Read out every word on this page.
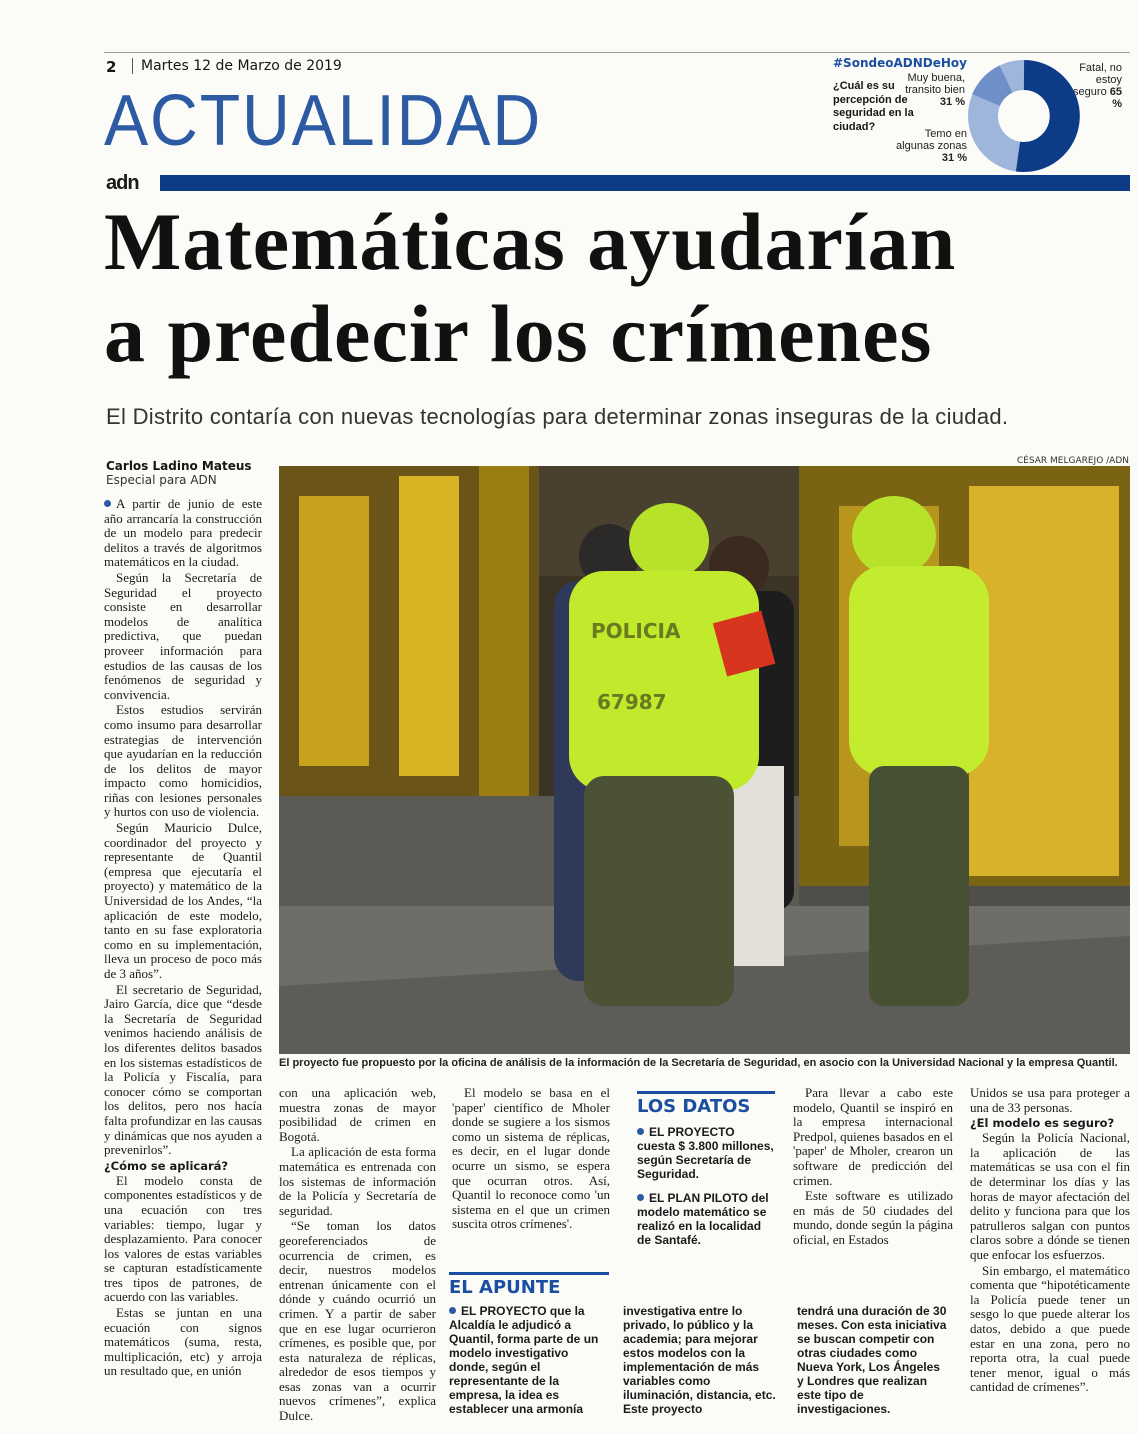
2	Martes 12 de Marzo de 2019
ACTUALIDAD
#SondeoADNDeHoy
¿Cuál es su percepción de seguridad en la ciudad?
Muy buena, transito bien 31 %
Temo en algunas zonas 31 %
Fatal, no estoy seguro 65 %
adn
Matemáticas ayudarían
a predecir los crímenes
El Distrito contaría con nuevas tecnologías para determinar zonas inseguras de la ciudad.
Carlos Ladino Mateus
Especial para ADN
CÉSAR MELGAREJO /ADN
POLICIA
67987
El proyecto fue propuesto por la oficina de análisis de la información de la Secretaría de Seguridad, en asocio con la Universidad Nacional y la empresa Quantil.

A partir de junio de este año arrancaría la construcción de un modelo para predecir delitos a través de algoritmos matemáticos en la ciudad.

Según la Secretaría de Seguridad el proyecto consiste en desarrollar modelos de analítica predictiva, que puedan proveer información para estudios de las causas de los fenómenos de seguridad y convivencia.

Estos estudios servirán como insumo para desarrollar estrategias de intervención que ayudarían en la reducción de los delitos de mayor impacto como homicidios, riñas con lesiones personales y hurtos con uso de violencia.

Según Mauricio Dulce, coordinador del proyecto y representante de Quantil (empresa que ejecutaría el proyecto) y matemático de la Universidad de los Andes, “la aplicación de este modelo, tanto en su fase exploratoria como en su implementación, lleva un proceso de poco más de 3 años”.

El secretario de Seguridad, Jairo García, dice que “desde la Secretaría de Seguridad venimos haciendo análisis de los diferentes delitos basados en los sistemas estadísticos de la Policía y Fiscalía, para conocer cómo se comportan los delitos, pero nos hacía falta profundizar en las causas y dinámicas que nos ayuden a prevenirlos”.

¿Cómo se aplicará?

El modelo consta de componentes estadísticos y de una ecuación con tres variables: tiempo, lugar y desplazamiento. Para conocer los valores de estas variables se capturan estadísticamente tres tipos de patrones, de acuerdo con las variables.

Estas se juntan en una ecuación con signos matemáticos (suma, resta, multiplicación, etc) y arroja un resultado que, en unión

con una aplicación web, muestra zonas de mayor posibilidad de crimen en Bogotá.

La aplicación de esta forma matemática es entrenada con los sistemas de información de la Policía y Secretaría de seguridad.

“Se toman los datos georeferenciados de ocurrencia de crimen, es decir, nuestros modelos entrenan únicamente con el dónde y cuándo ocurrió un crimen. Y a partir de saber que en ese lugar ocurrieron crímenes, es posible que, por esta naturaleza de réplicas, alrededor de esos tiempos y esas zonas van a ocurrir nuevos crímenes”, explica Dulce.

El modelo se basa en el 'paper' científico de Mholer donde se sugiere a los sismos como un sistema de réplicas, es decir, en el lugar donde ocurre un sismo, se espera que ocurran otros. Así, Quantil lo reconoce como 'un sistema en el que un crimen suscita otros crímenes'.

LOS DATOS
EL PROYECTO cuesta $ 3.800 millones, según Secretaría de Seguridad.
EL PLAN PILOTO del modelo matemático se realizó en la localidad de Santafé.

Para llevar a cabo este modelo, Quantil se inspiró en la empresa internacional Predpol, quienes basados en el 'paper' de Mholer, crearon un software de predicción del crimen.

Este software es utilizado en más de 50 ciudades del mundo, donde según la página oficial, en Estados

Unidos se usa para proteger a una de 33 personas.

¿El modelo es seguro?

Según la Policía Nacional, la aplicación de las matemáticas se usa con el fin de determinar los días y las horas de mayor afectación del delito y funciona para que los patrulleros salgan con puntos claros sobre a dónde se tienen que enfocar los esfuerzos.

Sin embargo, el matemático comenta que “hipotéticamente la Policía puede tener un sesgo lo que puede alterar los datos, debido a que puede estar en una zona, pero no reporta otra, la cual puede tener menor, igual o más cantidad de crímenes”.

EL APUNTE
EL PROYECTO que la Alcaldía le adjudicó a Quantil, forma parte de un modelo investigativo donde, según el representante de la empresa, la idea es establecer una armonía
investigativa entre lo privado, lo público y la academia; para mejorar estos modelos con la implementación de más variables como iluminación, distancia, etc. Este proyecto
tendrá una duración de 30 meses. Con esta iniciativa se buscan competir con otras ciudades como Nueva York, Los Ángeles y Londres que realizan este tipo de investigaciones.
